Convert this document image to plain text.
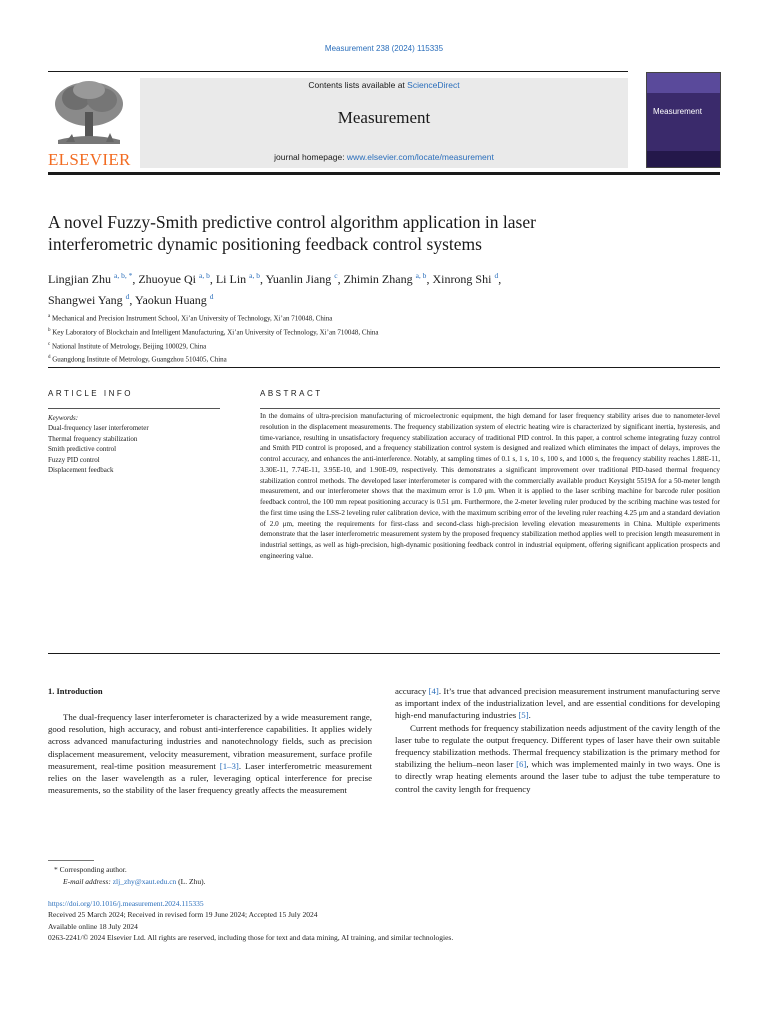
Measurement 238 (2024) 115335
ELSEVIER
Contents lists available at ScienceDirect
Measurement
journal homepage: www.elsevier.com/locate/measurement
Measurement
A novel Fuzzy-Smith predictive control algorithm application in laser
interferometric dynamic positioning feedback control systems
Lingjian Zhu $^{a, b, *}$, Zhuoyue Qi $^{a, b}$, Li Lin $^{a, b}$, Yuanlin Jiang $^c$, Zhimin Zhang $^{a, b}$, Xinrong Shi $^d$,
Shangwei Yang $^d$, Yaokun Huang $^d$
$^a$ Mechanical and Precision Instrument School, Xi’an University of Technology, Xi’an 710048, China
$^b$ Key Laboratory of Blockchain and Intelligent Manufacturing, Xi’an University of Technology, Xi’an 710048, China
$^c$ National Institute of Metrology, Beijing 100029, China
$^d$ Guangdong Institute of Metrology, Guangzhou 510405, China
ARTICLE INFO	ABSTRACT
Keywords:
Dual-frequency laser interferometer
Thermal frequency stabilization
Smith predictive control
Fuzzy PID control
Displacement feedback
In the domains of ultra-precision manufacturing of microelectronic equipment, the high demand for laser frequency stability arises due to nanometer-level resolution in the displacement measurements. The frequency stabilization system of electric heating wire is characterized by significant inertia, hysteresis, and time-variance, resulting in unsatisfactory frequency stabilization accuracy of traditional PID control. In this paper, a control scheme integrating fuzzy control and Smith PID control is proposed, and a frequency stabilization control system is designed and realized which eliminates the impact of delays, improves the control accuracy, and enhances the anti-interference. Notably, at sampling times of 0.1 s, 1 s, 10 s, 100 s, and 1000 s, the frequency stability reaches 1.88E-11, 3.30E-11, 7.74E-11, 3.95E-10, and 1.90E-09, respectively. This demonstrates a significant improvement over traditional PID-based thermal frequency stabilization control methods. The developed laser interferometer is compared with the commercially available product Keysight 5519A for a 50-meter length measurement, and our interferometer shows that the maximum error is 1.0 μm. When it is applied to the laser scribing machine for barcode ruler position feedback control, the 100 mm repeat positioning accuracy is 0.51 μm. Furthermore, the 2-meter leveling ruler produced by the scribing machine was tested for the first time using the LSS-2 leveling ruler calibration device, with the maximum scribing error of the leveling ruler reaching 4.25 μm and a standard deviation of 2.0 μm, meeting the requirements for first-class and second-class high-precision leveling elevation measurements in China. Multiple experiments demonstrate that the laser interferometric measurement system by the proposed frequency stabilization method applies well to precision length measurement in industrial settings, as well as high-precision, high-dynamic positioning feedback control in industrial equipment, offering significant application prospects and engineering value.
1. Introduction

The dual-frequency laser interferometer is characterized by a wide measurement range, good resolution, high accuracy, and robust anti-interference capabilities. It applies widely across advanced manufacturing industries and nanotechnology fields, such as precision displacement measurement, velocity measurement, vibration measurement, surface profile measurement, real-time position measurement [1–3]. Laser interferometric measurement relies on the laser wavelength as a ruler, leveraging optical interference for precise measurements, so the stability of the laser frequency greatly affects the measurement

accuracy [4]. It’s true that advanced precision measurement instrument manufacturing serve as important index of the industrialization level, and are essential conditions for developing high-end manufacturing industries [5].

Current methods for frequency stabilization needs adjustment of the cavity length of the laser tube to regulate the output frequency. Different types of laser have their own suitable frequency stabilization methods. Thermal frequency stabilization is the primary method for stabilizing the helium–neon laser [6], which was implemented mainly in two ways. One is to directly wrap heating elements around the laser tube to adjust the tube temperature to control the cavity length for frequency

* Corresponding author.
E-mail address: zlj_zhy@xaut.edu.cn (L. Zhu).
https://doi.org/10.1016/j.measurement.2024.115335
Received 25 March 2024; Received in revised form 19 June 2024; Accepted 15 July 2024
Available online 18 July 2024
0263-2241/© 2024 Elsevier Ltd. All rights are reserved, including those for text and data mining, AI training, and similar technologies.
